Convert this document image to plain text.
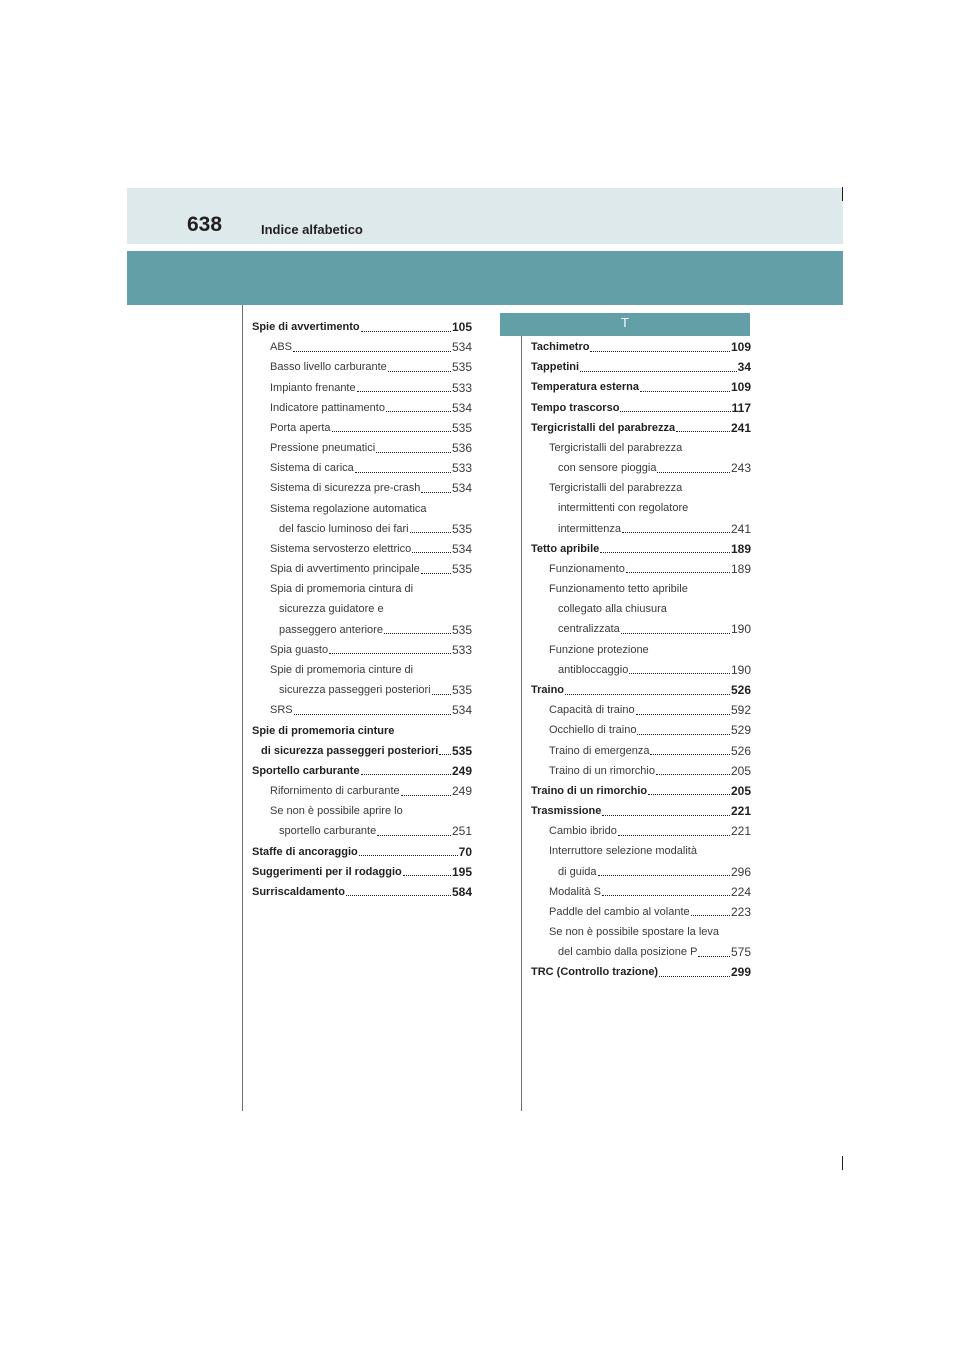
638	Indice alfabetico
T
Spie di avvertimento	105
ABS	534
Basso livello carburante	535
Impianto frenante	533
Indicatore pattinamento	534
Porta aperta	535
Pressione pneumatici	536
Sistema di carica	533
Sistema di sicurezza pre-crash	534
Sistema regolazione automatica
del fascio luminoso dei fari	535
Sistema servosterzo elettrico	534
Spia di avvertimento principale	535
Spia di promemoria cintura di
sicurezza guidatore e
passeggero anteriore	535
Spia guasto	533
Spie di promemoria cinture di
sicurezza passeggeri posteriori 535
SRS	534
Spie di promemoria cinture
di sicurezza passeggeri posteriori 535
Sportello carburante	249
Rifornimento di carburante	249
Se non è possibile aprire lo
sportello carburante	251
Staffe di ancoraggio	70
Suggerimenti per il rodaggio	195
Surriscaldamento	584
Tachimetro	109
Tappetini	34
Temperatura esterna	109
Tempo trascorso	117
Tergicristalli del parabrezza	241
Tergicristalli del parabrezza
con sensore pioggia	243
Tergicristalli del parabrezza
intermittenti con regolatore
intermittenza	241
Tetto apribile	189
Funzionamento	189
Funzionamento tetto apribile
collegato alla chiusura
centralizzata	190
Funzione protezione
antibloccaggio	190
Traino	526
Capacità di traino	592
Occhiello di traino	529
Traino di emergenza	526
Traino di un rimorchio	205
Traino di un rimorchio	205
Trasmissione	221
Cambio ibrido	221
Interruttore selezione modalità
di guida	296
Modalità S	224
Paddle del cambio al volante	223
Se non è possibile spostare la leva
del cambio dalla posizione P	575
TRC (Controllo trazione)	299
